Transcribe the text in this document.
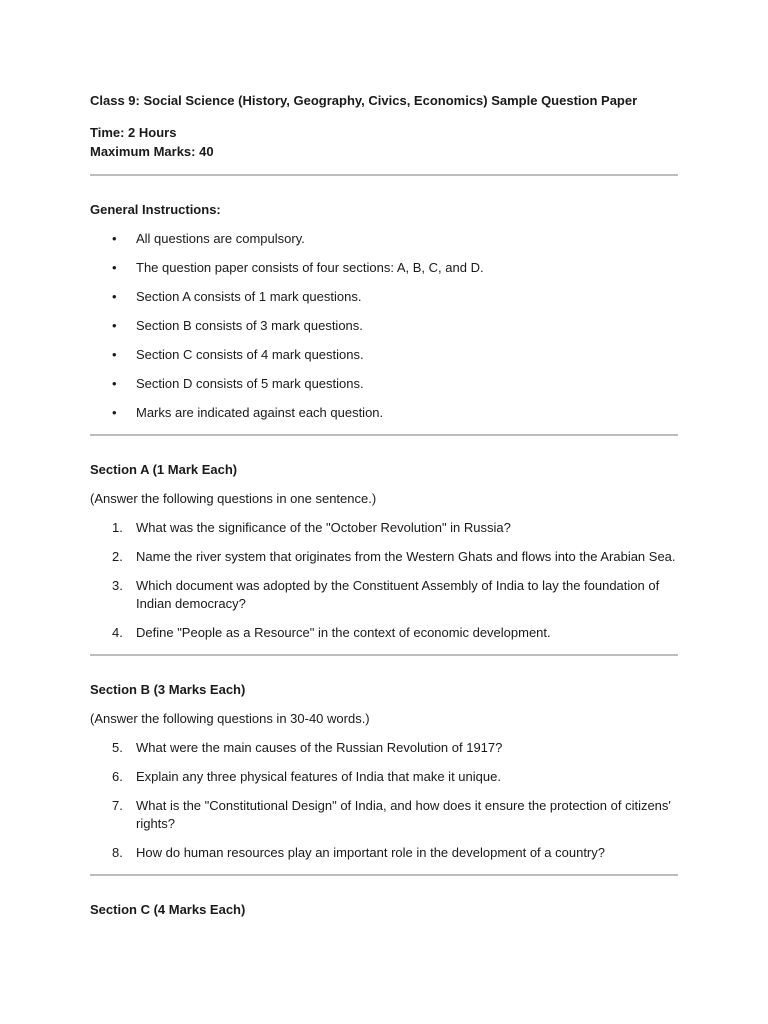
Class 9: Social Science (History, Geography, Civics, Economics) Sample Question Paper

Time: 2 Hours
Maximum Marks: 40

General Instructions:

• All questions are compulsory.
• The question paper consists of four sections: A, B, C, and D.
• Section A consists of 1 mark questions.
• Section B consists of 3 mark questions.
• Section C consists of 4 mark questions.
• Section D consists of 5 mark questions.
• Marks are indicated against each question.

Section A (1 Mark Each)

(Answer the following questions in one sentence.)

1. What was the significance of the "October Revolution" in Russia?
2. Name the river system that originates from the Western Ghats and flows into the Arabian Sea.
3. Which document was adopted by the Constituent Assembly of India to lay the foundation of Indian democracy?
4. Define "People as a Resource" in the context of economic development.

Section B (3 Marks Each)

(Answer the following questions in 30-40 words.)

5. What were the main causes of the Russian Revolution of 1917?
6. Explain any three physical features of India that make it unique.
7. What is the "Constitutional Design" of India, and how does it ensure the protection of citizens' rights?
8. How do human resources play an important role in the development of a country?

Section C (4 Marks Each)
